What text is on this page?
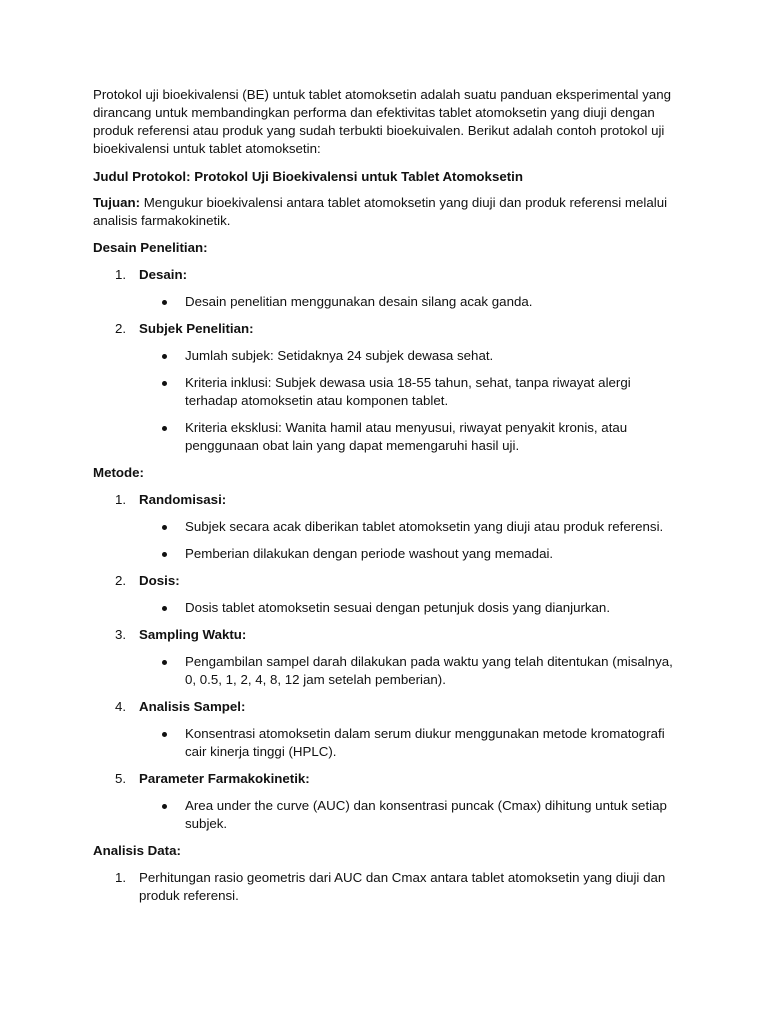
Protokol uji bioekivalensi (BE) untuk tablet atomoksetin adalah suatu panduan eksperimental yang dirancang untuk membandingkan performa dan efektivitas tablet atomoksetin yang diuji dengan produk referensi atau produk yang sudah terbukti bioekuivalen. Berikut adalah contoh protokol uji bioekivalensi untuk tablet atomoksetin:

Judul Protokol: Protokol Uji Bioekivalensi untuk Tablet Atomoksetin

Tujuan: Mengukur bioekivalensi antara tablet atomoksetin yang diuji dan produk referensi melalui analisis farmakokinetik.

Desain Penelitian:

1. Desain:
Desain penelitian menggunakan desain silang acak ganda.
2. Subjek Penelitian:
Jumlah subjek: Setidaknya 24 subjek dewasa sehat.
Kriteria inklusi: Subjek dewasa usia 18-55 tahun, sehat, tanpa riwayat alergi terhadap atomoksetin atau komponen tablet.
Kriteria eksklusi: Wanita hamil atau menyusui, riwayat penyakit kronis, atau penggunaan obat lain yang dapat memengaruhi hasil uji.

Metode:

1. Randomisasi:
Subjek secara acak diberikan tablet atomoksetin yang diuji atau produk referensi.
Pemberian dilakukan dengan periode washout yang memadai.
2. Dosis:
Dosis tablet atomoksetin sesuai dengan petunjuk dosis yang dianjurkan.
3. Sampling Waktu:
Pengambilan sampel darah dilakukan pada waktu yang telah ditentukan (misalnya, 0, 0.5, 1, 2, 4, 8, 12 jam setelah pemberian).
4. Analisis Sampel:
Konsentrasi atomoksetin dalam serum diukur menggunakan metode kromatografi cair kinerja tinggi (HPLC).
5. Parameter Farmakokinetik:
Area under the curve (AUC) dan konsentrasi puncak (Cmax) dihitung untuk setiap subjek.

Analisis Data:

1. Perhitungan rasio geometris dari AUC dan Cmax antara tablet atomoksetin yang diuji dan produk referensi.
